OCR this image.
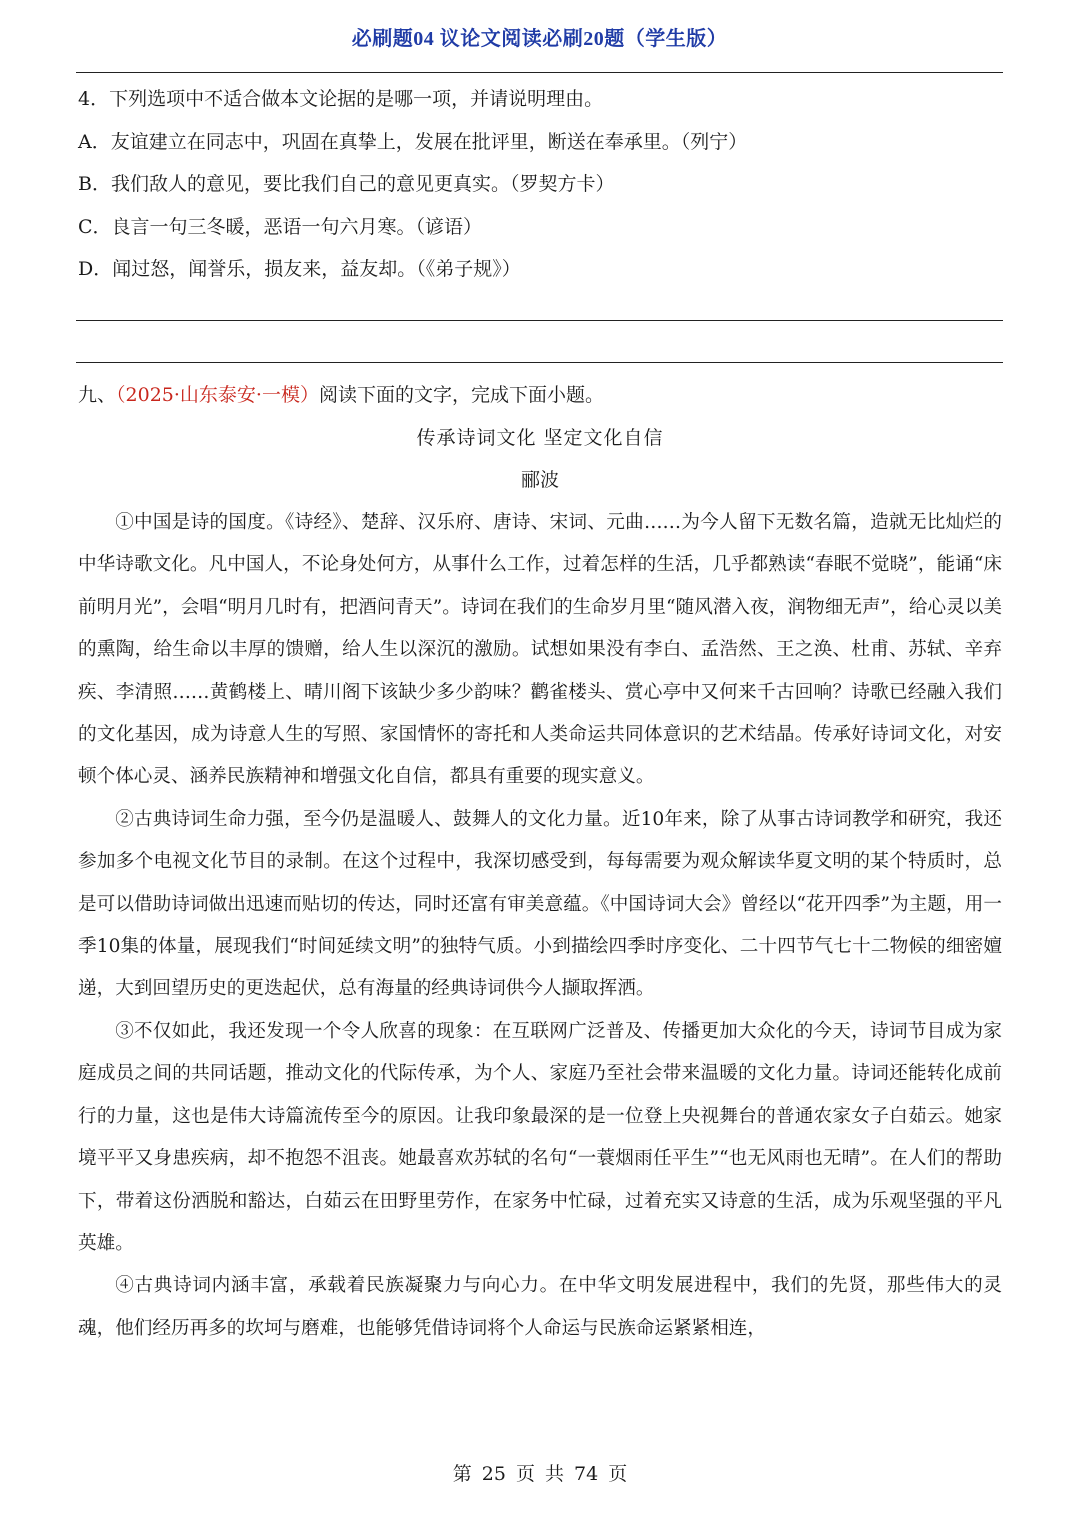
必刷题04 议论文阅读必刷20题（学生版）
4．下列选项中不适合做本文论据的是哪一项，并请说明理由。
A．友谊建立在同志中，巩固在真挚上，发展在批评里，断送在奉承里。（列宁）
B．我们敌人的意见，要比我们自己的意见更真实。（罗契方卡）
C．良言一句三冬暖，恶语一句六月寒。（谚语）
D．闻过怒，闻誉乐，损友来，益友却。（《弟子规》）
九、（2025·山东泰安·一模）阅读下面的文字，完成下面小题。
传承诗词文化 坚定文化自信
郦波

①中国是诗的国度。《诗经》、楚辞、汉乐府、唐诗、宋词、元曲……为今人留下无数名篇，造就无比灿烂的中华诗歌文化。凡中国人，不论身处何方，从事什么工作，过着怎样的生活，几乎都熟读“春眠不觉晓”，能诵“床前明月光”，会唱“明月几时有，把酒问青天”。诗词在我们的生命岁月里“随风潜入夜，润物细无声”，给心灵以美的熏陶，给生命以丰厚的馈赠，给人生以深沉的激励。试想如果没有李白、孟浩然、王之涣、杜甫、苏轼、辛弃疾、李清照……黄鹤楼上、晴川阁下该缺少多少韵味？鹳雀楼头、赏心亭中又何来千古回响？诗歌已经融入我们的文化基因，成为诗意人生的写照、家国情怀的寄托和人类命运共同体意识的艺术结晶。传承好诗词文化，对安顿个体心灵、涵养民族精神和增强文化自信，都具有重要的现实意义。

②古典诗词生命力强，至今仍是温暖人、鼓舞人的文化力量。近10年来，除了从事古诗词教学和研究，我还参加多个电视文化节目的录制。在这个过程中，我深切感受到，每每需要为观众解读华夏文明的某个特质时，总是可以借助诗词做出迅速而贴切的传达，同时还富有审美意蕴。《中国诗词大会》曾经以“花开四季”为主题，用一季10集的体量，展现我们“时间延续文明”的独特气质。小到描绘四季时序变化、二十四节气七十二物候的细密嬗递，大到回望历史的更迭起伏，总有海量的经典诗词供今人撷取挥洒。

③不仅如此，我还发现一个令人欣喜的现象：在互联网广泛普及、传播更加大众化的今天，诗词节目成为家庭成员之间的共同话题，推动文化的代际传承，为个人、家庭乃至社会带来温暖的文化力量。诗词还能转化成前行的力量，这也是伟大诗篇流传至今的原因。让我印象最深的是一位登上央视舞台的普通农家女子白茹云。她家境平平又身患疾病，却不抱怨不沮丧。她最喜欢苏轼的名句“一蓑烟雨任平生”“也无风雨也无晴”。在人们的帮助下，带着这份洒脱和豁达，白茹云在田野里劳作，在家务中忙碌，过着充实又诗意的生活，成为乐观坚强的平凡英雄。

④古典诗词内涵丰富，承载着民族凝聚力与向心力。在中华文明发展进程中，我们的先贤，那些伟大的灵魂，他们经历再多的坎坷与磨难，也能够凭借诗词将个人命运与民族命运紧紧相连，

第 25 页 共 74 页
